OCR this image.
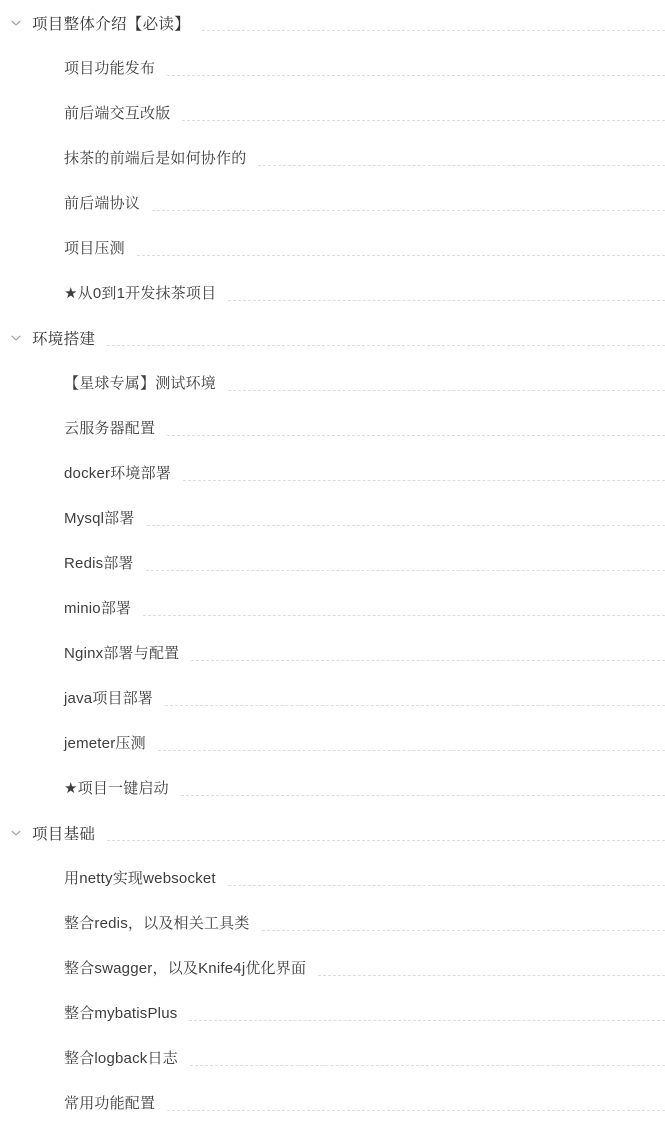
项目整体介绍【必读】
项目功能发布
前后端交互改版
抹茶的前端后是如何协作的
前后端协议
项目压测
★从0到1开发抹茶项目
环境搭建
【星球专属】测试环境
云服务器配置
docker环境部署
Mysql部署
Redis部署
minio部署
Nginx部署与配置
java项目部署
jemeter压测
★项目一键启动
项目基础
用netty实现websocket
整合redis，以及相关工具类
整合swagger，以及Knife4j优化界面
整合mybatisPlus
整合logback日志
常用功能配置
